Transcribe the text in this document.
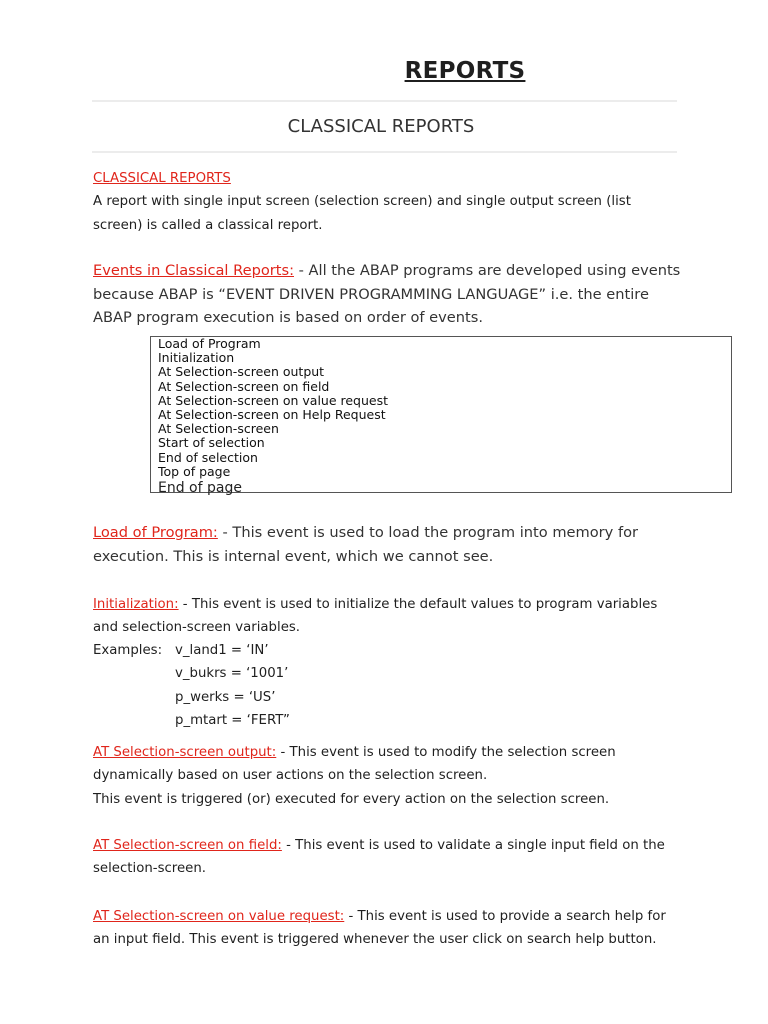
REPORTS
CLASSICAL REPORTS
CLASSICAL REPORTS
A report with single input screen (selection screen) and single output screen (list screen) is called a classical report.
Events in Classical Reports: - All the ABAP programs are developed using events because ABAP is “EVENT DRIVEN PROGRAMMING LANGUAGE” i.e. the entire ABAP program execution is based on order of events.
Load of Program
Initialization
At Selection-screen output
At Selection-screen on field
At Selection-screen on value request
At Selection-screen on Help Request
At Selection-screen
Start of selection
End of selection
Top of page
End of page
Load of Program: - This event is used to load the program into memory for execution. This is internal event, which we cannot see.
Initialization: - This event is used to initialize the default values to program variables and selection-screen variables.
Examples: v_land1 = ‘IN’
v_bukrs = ‘1001’
p_werks = ‘US’
p_mtart = ‘FERT”
AT Selection-screen output: - This event is used to modify the selection screen dynamically based on user actions on the selection screen.
This event is triggered (or) executed for every action on the selection screen.
AT Selection-screen on field: - This event is used to validate a single input field on the selection-screen.
AT Selection-screen on value request: - This event is used to provide a search help for an input field. This event is triggered whenever the user click on search help button.
